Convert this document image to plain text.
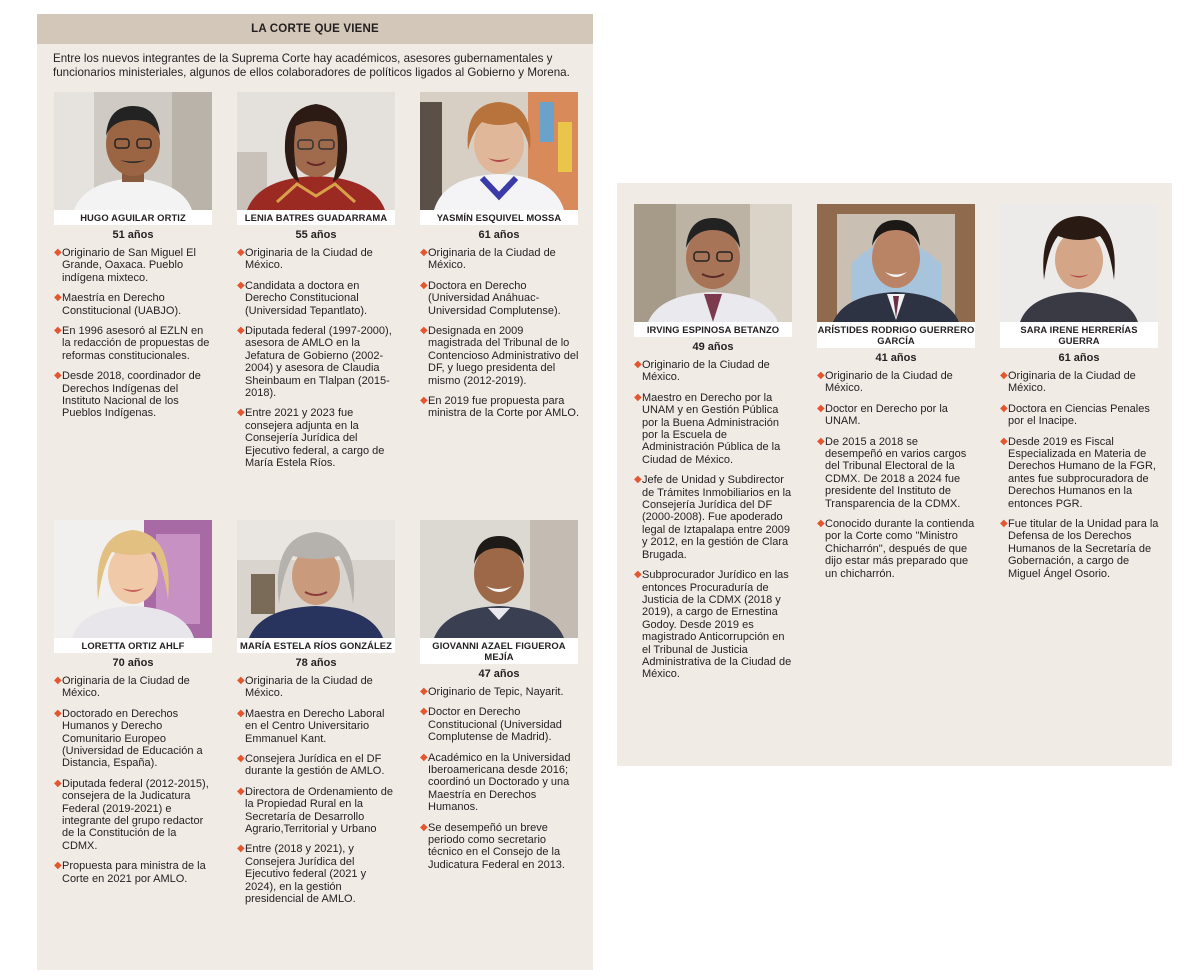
LA CORTE QUE VIENE
Entre los nuevos integrantes de la Suprema Corte hay académicos, asesores gubernamentales y funcionarios ministeriales, algunos de ellos colaboradores de políticos ligados al Gobierno y Morena.
HUGO AGUILAR ORTIZ
51 años
◆ Originario de San Miguel El Grande, Oaxaca. Pueblo indígena mixteco.
◆ Maestría en Derecho Constitucional (UABJO).
◆ En 1996 asesoró al EZLN en la redacción de propuestas de reformas constitucionales.
◆ Desde 2018, coordinador de Derechos Indígenas del Instituto Nacional de los Pueblos Indígenas.
LENIA BATRES GUADARRAMA
55 años
◆ Originaria de la Ciudad de México.
◆ Candidata a doctora en Derecho Constitucional (Universidad Tepantlato).
◆ Diputada federal (1997-2000), asesora de AMLO en la Jefatura de Gobierno (2002-2004) y asesora de Claudia Sheinbaum en Tlalpan (2015-2018).
◆ Entre 2021 y 2023 fue consejera adjunta en la Consejería Jurídica del Ejecutivo federal, a cargo de María Estela Ríos.
YASMÍN ESQUIVEL MOSSA
61 años
◆ Originaria de la Ciudad de México.
◆ Doctora en Derecho (Universidad Anáhuac-Universidad Complutense).
◆ Designada en 2009 magistrada del Tribunal de lo Contencioso Administrativo del DF, y luego presidenta del mismo (2012-2019).
◆ En 2019 fue propuesta para ministra de la Corte por AMLO.
LORETTA ORTIZ AHLF
70 años
◆ Originaria de la Ciudad de México.
◆ Doctorado en Derechos Humanos y Derecho Comunitario Europeo (Universidad de Educación a Distancia, España).
◆ Diputada federal (2012-2015), consejera de la Judicatura Federal (2019-2021) e integrante del grupo redactor de la Constitución de la CDMX.
◆ Propuesta para ministra de la Corte en 2021 por AMLO.
MARÍA ESTELA RÍOS GONZÁLEZ
78 años
◆ Originaria de la Ciudad de México.
◆ Maestra en Derecho Laboral en el Centro Universitario Emmanuel Kant.
◆ Consejera Jurídica en el DF durante la gestión de AMLO.
◆ Directora de Ordenamiento de la Propiedad Rural en la Secretaría de Desarrollo Agrario,Territorial y Urbano
◆ Entre (2018 y 2021), y Consejera Jurídica del Ejecutivo federal (2021 y 2024), en la gestión presidencial de AMLO.
GIOVANNI AZAEL FIGUEROA MEJÍA
47 años
◆ Originario de Tepic, Nayarit.
◆ Doctor en Derecho Constitucional (Universidad Complutense de Madrid).
◆ Académico en la Universidad Iberoamericana desde 2016; coordinó un Doctorado y una Maestría en Derechos Humanos.
◆ Se desempeñó un breve periodo como secretario técnico en el Consejo de la Judicatura Federal en 2013.
IRVING ESPINOSA BETANZO
49 años
◆ Originario de la Ciudad de México.
◆ Maestro en Derecho por la UNAM y en Gestión Pública por la Buena Administración por la Escuela de Administración Pública de la Ciudad de México.
◆ Jefe de Unidad y Subdirector de Trámites Inmobiliarios en la Consejería Jurídica del DF (2000-2008). Fue apoderado legal de Iztapalapa entre 2009 y 2012, en la gestión de Clara Brugada.
◆ Subprocurador Jurídico en las entonces Procuraduría de Justicia de la CDMX (2018 y 2019), a cargo de Ernestina Godoy. Desde 2019 es magistrado Anticorrupción en el Tribunal de Justicia Administrativa de la Ciudad de México.
ARÍSTIDES RODRIGO GUERRERO GARCÍA
41 años
◆ Originario de la Ciudad de México.
◆ Doctor en Derecho por la UNAM.
◆ De 2015 a 2018 se desempeñó en varios cargos del Tribunal Electoral de la CDMX. De 2018 a 2024 fue presidente del Instituto de Transparencia de la CDMX.
◆ Conocido durante la contienda por la Corte como "Ministro Chicharrón", después de que dijo estar más preparado que un chicharrón.
SARA IRENE HERRERÍAS GUERRA
61 años
◆ Originaria de la Ciudad de México.
◆ Doctora en Ciencias Penales por el Inacipe.
◆ Desde 2019 es Fiscal Especializada en Materia de Derechos Humano de la FGR, antes fue subprocuradora de Derechos Humanos en la entonces PGR.
◆ Fue titular de la Unidad para la Defensa de los Derechos Humanos de la Secretaría de Gobernación, a cargo de Miguel Ángel Osorio.
